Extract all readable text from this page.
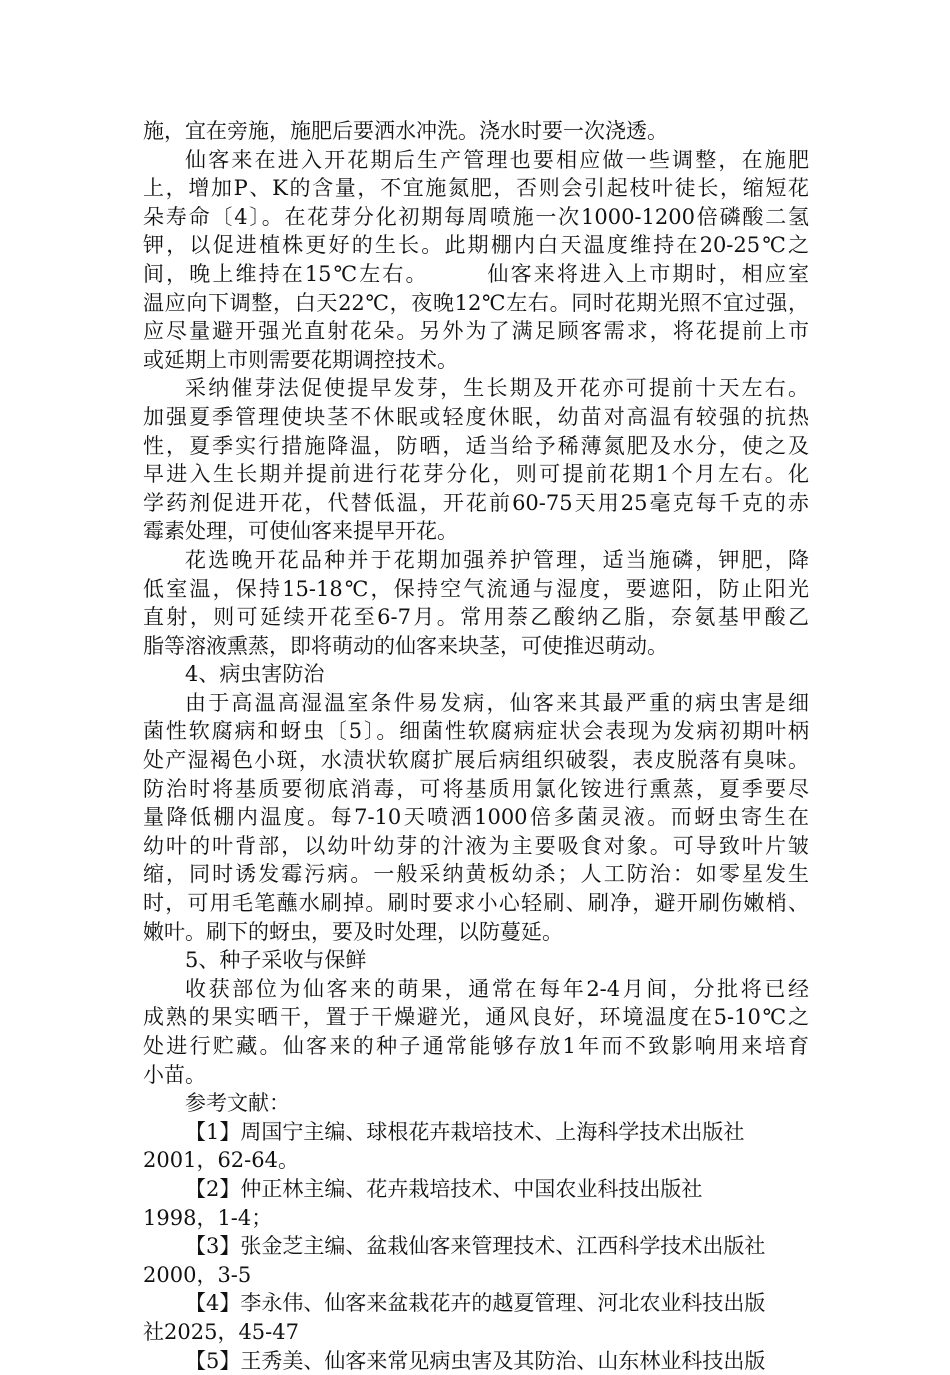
施，宜在旁施，施肥后要洒水冲洗。浇水时要一次浇透。
仙客来在进入开花期后生产管理也要相应做一些调整，在施肥
上，增加P、K的含量，不宜施氮肥，否则会引起枝叶徒长，缩短花
朵寿命〔4〕。在花芽分化初期每周喷施一次1000-1200倍磷酸二氢
钾，以促进植株更好的生长。此期棚内白天温度维持在20-25℃之
间，晚上维持在15℃左右。　　　仙客来将进入上市期时，相应室
温应向下调整，白天22℃，夜晚12℃左右。同时花期光照不宜过强，
应尽量避开强光直射花朵。另外为了满足顾客需求，将花提前上市
或延期上市则需要花期调控技术。
采纳催芽法促使提早发芽，生长期及开花亦可提前十天左右。
加强夏季管理使块茎不休眠或轻度休眠，幼苗对高温有较强的抗热
性，夏季实行措施降温，防晒，适当给予稀薄氮肥及水分，使之及
早进入生长期并提前进行花芽分化，则可提前花期1个月左右。化
学药剂促进开花，代替低温，开花前60-75天用25毫克每千克的赤
霉素处理，可使仙客来提早开花。
花选晚开花品种并于花期加强养护管理，适当施磷，钾肥，降
低室温，保持15-18℃，保持空气流通与湿度，要遮阳，防止阳光
直射，则可延续开花至6-7月。常用萘乙酸纳乙脂，奈氨基甲酸乙
脂等溶液熏蒸，即将萌动的仙客来块茎，可使推迟萌动。
4、病虫害防治
由于高温高湿温室条件易发病，仙客来其最严重的病虫害是细
菌性软腐病和蚜虫〔5〕。细菌性软腐病症状会表现为发病初期叶柄
处产湿褐色小斑，水渍状软腐扩展后病组织破裂，表皮脱落有臭味。
防治时将基质要彻底消毒，可将基质用氯化铵进行熏蒸，夏季要尽
量降低棚内温度。每7-10天喷洒1000倍多菌灵液。而蚜虫寄生在
幼叶的叶背部，以幼叶幼芽的汁液为主要吸食对象。可导致叶片皱
缩，同时诱发霉污病。一般采纳黄板幼杀；人工防治：如零星发生
时，可用毛笔蘸水刷掉。刷时要求小心轻刷、刷净，避开刷伤嫩梢、
嫩叶。刷下的蚜虫，要及时处理，以防蔓延。
5、种子采收与保鲜
收获部位为仙客来的萌果，通常在每年2-4月间，分批将已经
成熟的果实晒干，置于干燥避光，通风良好，环境温度在5-10℃之
处进行贮藏。仙客来的种子通常能够存放1年而不致影响用来培育
小苗。
参考文献：
【1】周国宁主编、球根花卉栽培技术、上海科学技术出版社
2001，62-64。
【2】仲正林主编、花卉栽培技术、中国农业科技出版社
1998，1-4；
【3】张金芝主编、盆栽仙客来管理技术、江西科学技术出版社
2000，3-5
【4】李永伟、仙客来盆栽花卉的越夏管理、河北农业科技出版
社2025，45-47
【5】王秀美、仙客来常见病虫害及其防治、山东林业科技出版
